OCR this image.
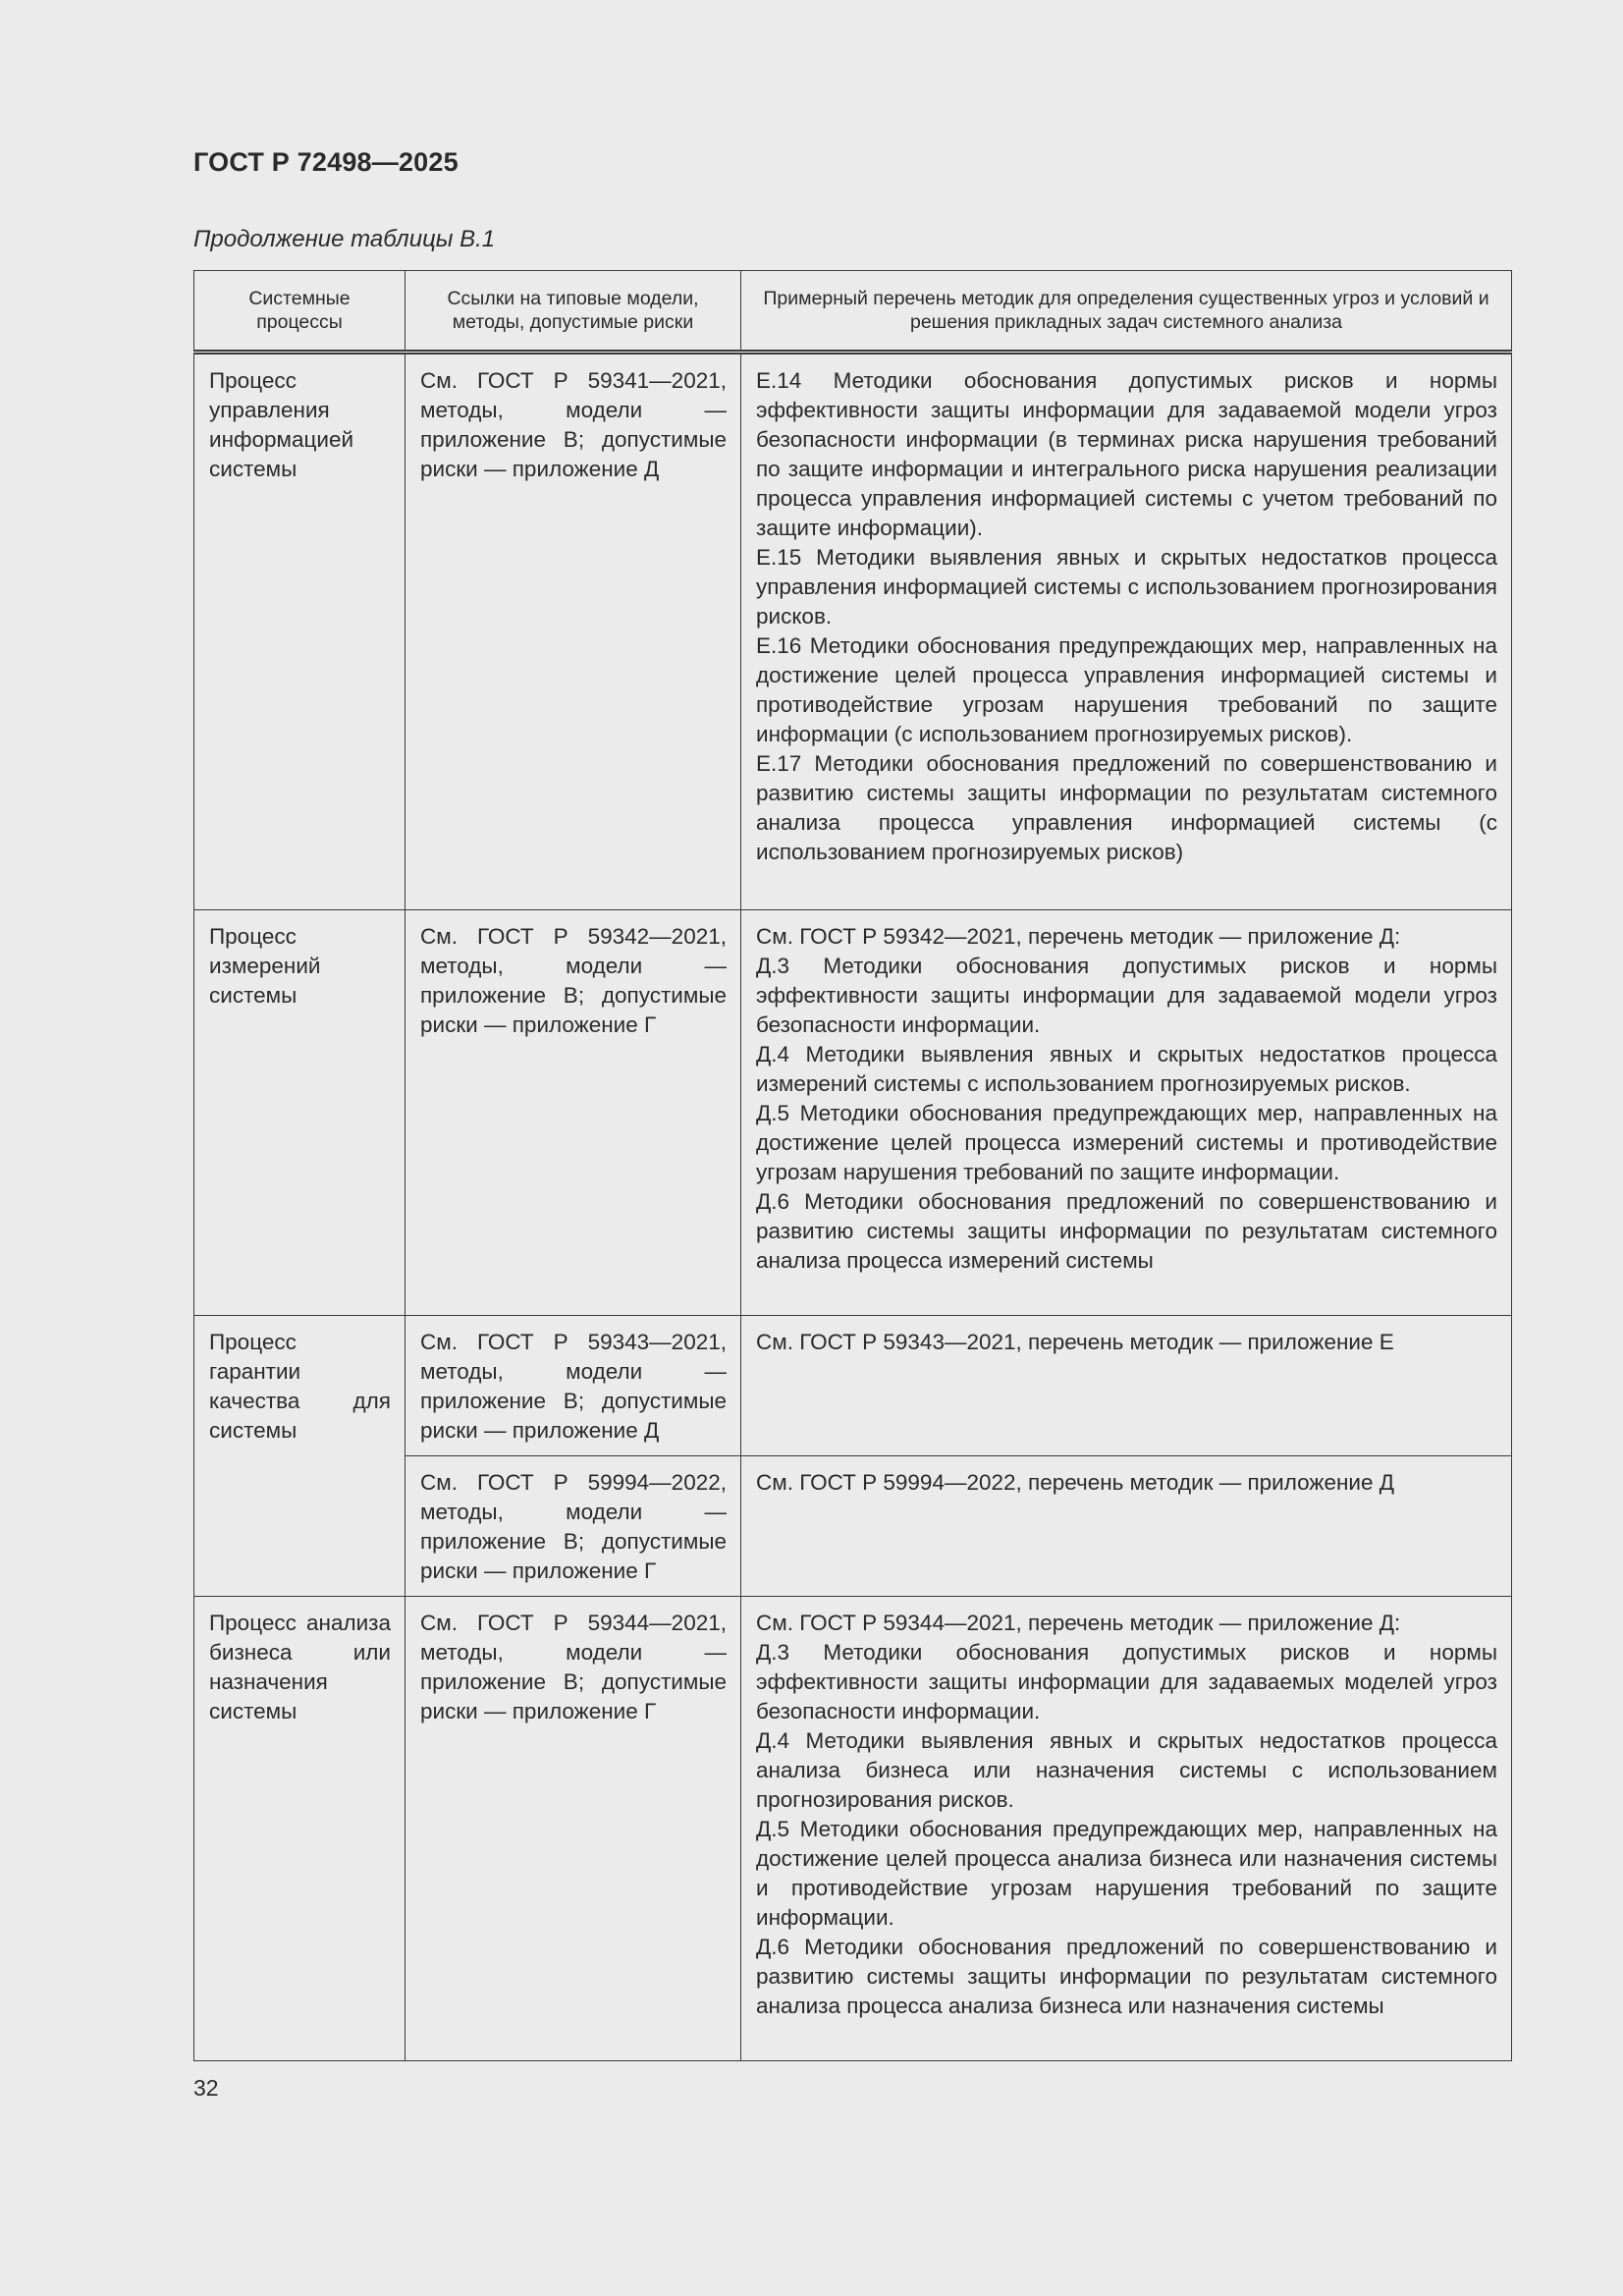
ГОСТ Р 72498—2025
Продолжение таблицы В.1
Системные процессы	Ссылки на типовые модели, методы, допустимые риски	Примерный перечень методик для определения существенных угроз и условий и решения прикладных задач системного анализа
Процесс управления информацией системы	См. ГОСТ Р 59341—2021, методы, модели — приложение В; допустимые риски — приложение Д	Е.14 Методики обоснования допустимых рисков и нормы эффективности защиты информации для задаваемой модели угроз безопасности информации (в терминах риска нарушения требований по защите информации и интегрального риска нарушения реализации процесса управления информацией системы с учетом требований по защите информации).
Е.15 Методики выявления явных и скрытых недостатков процесса управления информацией системы с использованием прогнозирования рисков.
Е.16 Методики обоснования предупреждающих мер, направленных на достижение целей процесса управления информацией системы и противодействие угрозам нарушения требований по защите информации (с использованием прогнозируемых рисков).
Е.17 Методики обоснования предложений по совершенствованию и развитию системы защиты информации по результатам системного анализа процесса управления информацией системы (с использованием прогнозируемых рисков)

Процесс измерений системы	См. ГОСТ Р 59342—2021, методы, модели — приложение В; допустимые риски — приложение Г	См. ГОСТ Р 59342—2021, перечень методик — приложение Д:
Д.3 Методики обоснования допустимых рисков и нормы эффективности защиты информации для задаваемой модели угроз безопасности информации.
Д.4 Методики выявления явных и скрытых недостатков процесса измерений системы с использованием прогнозируемых рисков.
Д.5 Методики обоснования предупреждающих мер, направленных на достижение целей процесса измерений системы и противодействие угрозам нарушения требований по защите информации.
Д.6 Методики обоснования предложений по совершенствованию и развитию системы защиты информации по результатам системного анализа процесса измерений системы

Процесс гарантии качества для системы	См. ГОСТ Р 59343—2021, методы, модели — приложение В; допустимые риски — приложение Д	См. ГОСТ Р 59343—2021, перечень методик — приложение Е

	См. ГОСТ Р 59994—2022, методы, модели — приложение В; допустимые риски — приложение Г	См. ГОСТ Р 59994—2022, перечень методик — приложение Д

Процесс анализа бизнеса или назначения системы	См. ГОСТ Р 59344—2021, методы, модели — приложение В; допустимые риски — приложение Г	См. ГОСТ Р 59344—2021, перечень методик — приложение Д:
Д.3 Методики обоснования допустимых рисков и нормы эффективности защиты информации для задаваемых моделей угроз безопасности информации.
Д.4 Методики выявления явных и скрытых недостатков процесса анализа бизнеса или назначения системы с использованием прогнозирования рисков.
Д.5 Методики обоснования предупреждающих мер, направленных на достижение целей процесса анализа бизнеса или назначения системы и противодействие угрозам нарушения требований по защите информации.
Д.6 Методики обоснования предложений по совершенствованию и развитию системы защиты информации по результатам системного анализа процесса анализа бизнеса или назначения системы
32
